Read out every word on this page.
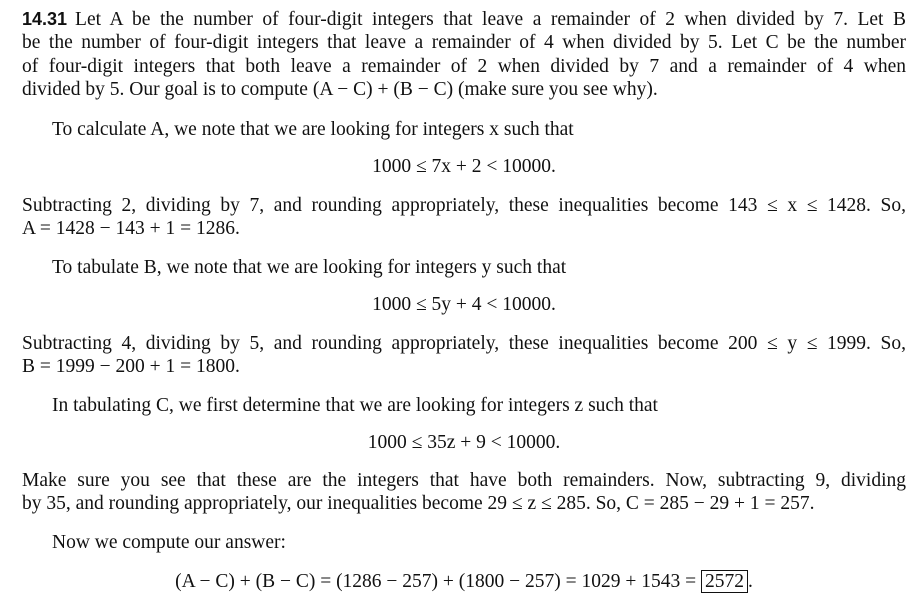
14.31 Let A be the number of four-digit integers that leave a remainder of 2 when divided by 7. Let B
be the number of four-digit integers that leave a remainder of 4 when divided by 5. Let C be the number
of four-digit integers that both leave a remainder of 2 when divided by 7 and a remainder of 4 when
divided by 5. Our goal is to compute (A − C) + (B − C) (make sure you see why).
To calculate A, we note that we are looking for integers x such that
1000 ≤ 7x + 2 < 10000.
Subtracting 2, dividing by 7, and rounding appropriately, these inequalities become 143 ≤ x ≤ 1428. So,
A = 1428 − 143 + 1 = 1286.
To tabulate B, we note that we are looking for integers y such that
1000 ≤ 5y + 4 < 10000.
Subtracting 4, dividing by 5, and rounding appropriately, these inequalities become 200 ≤ y ≤ 1999. So,
B = 1999 − 200 + 1 = 1800.
In tabulating C, we first determine that we are looking for integers z such that
1000 ≤ 35z + 9 < 10000.
Make sure you see that these are the integers that have both remainders. Now, subtracting 9, dividing
by 35, and rounding appropriately, our inequalities become 29 ≤ z ≤ 285. So, C = 285 − 29 + 1 = 257.
Now we compute our answer:
(A − C) + (B − C) = (1286 − 257) + (1800 − 257) = 1029 + 1543 = 2572 .
